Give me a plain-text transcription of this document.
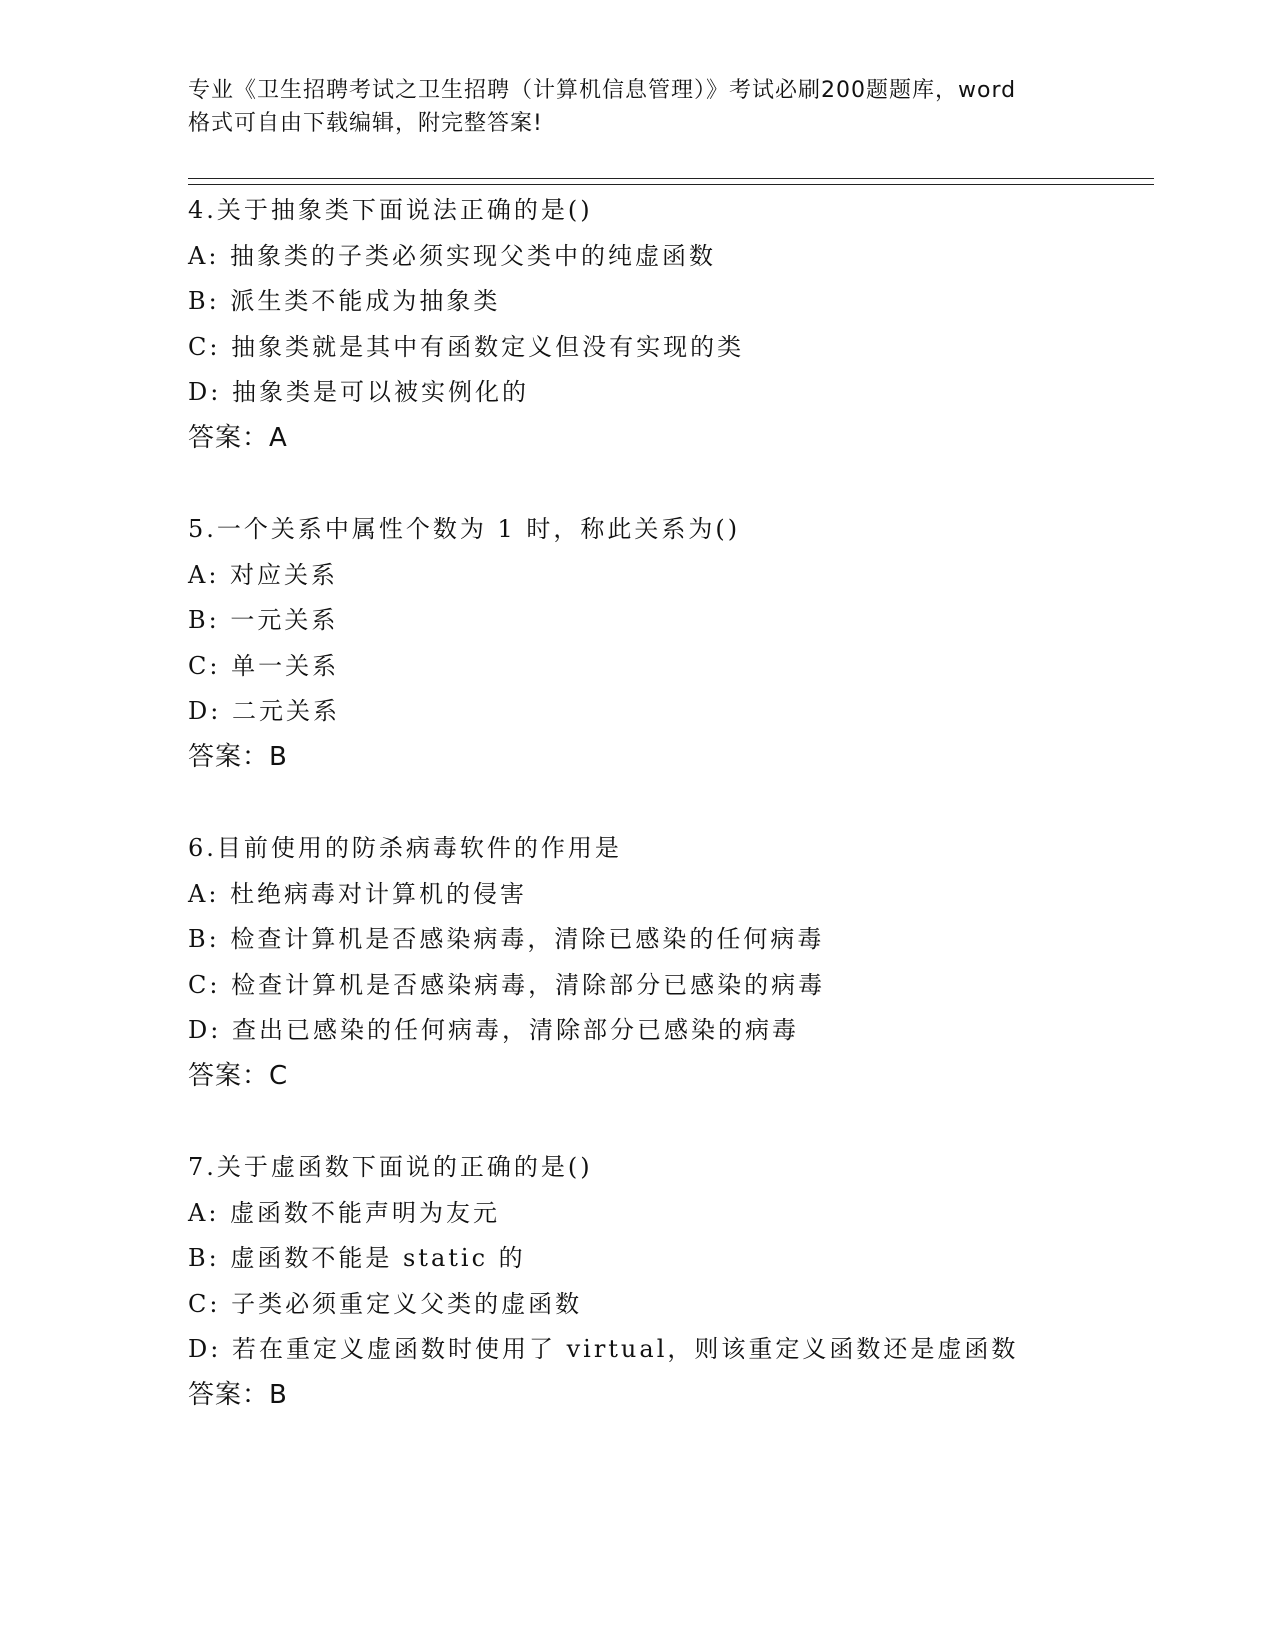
专业《卫生招聘考试之卫生招聘（计算机信息管理）》考试必刷200题题库，word
格式可自由下载编辑，附完整答案!
4.关于抽象类下面说法正确的是()
A: 抽象类的子类必须实现父类中的纯虚函数
B: 派生类不能成为抽象类
C: 抽象类就是其中有函数定义但没有实现的类
D: 抽象类是可以被实例化的
答案：A
5.一个关系中属性个数为 1 时，称此关系为()
A: 对应关系
B: 一元关系
C: 单一关系
D: 二元关系
答案：B
6.目前使用的防杀病毒软件的作用是
A: 杜绝病毒对计算机的侵害
B: 检查计算机是否感染病毒，清除已感染的任何病毒
C: 检查计算机是否感染病毒，清除部分已感染的病毒
D: 查出已感染的任何病毒，清除部分已感染的病毒
答案：C
7.关于虚函数下面说的正确的是()
A: 虚函数不能声明为友元
B: 虚函数不能是 static 的
C: 子类必须重定义父类的虚函数
D: 若在重定义虚函数时使用了 virtual，则该重定义函数还是虚函数
答案：B
